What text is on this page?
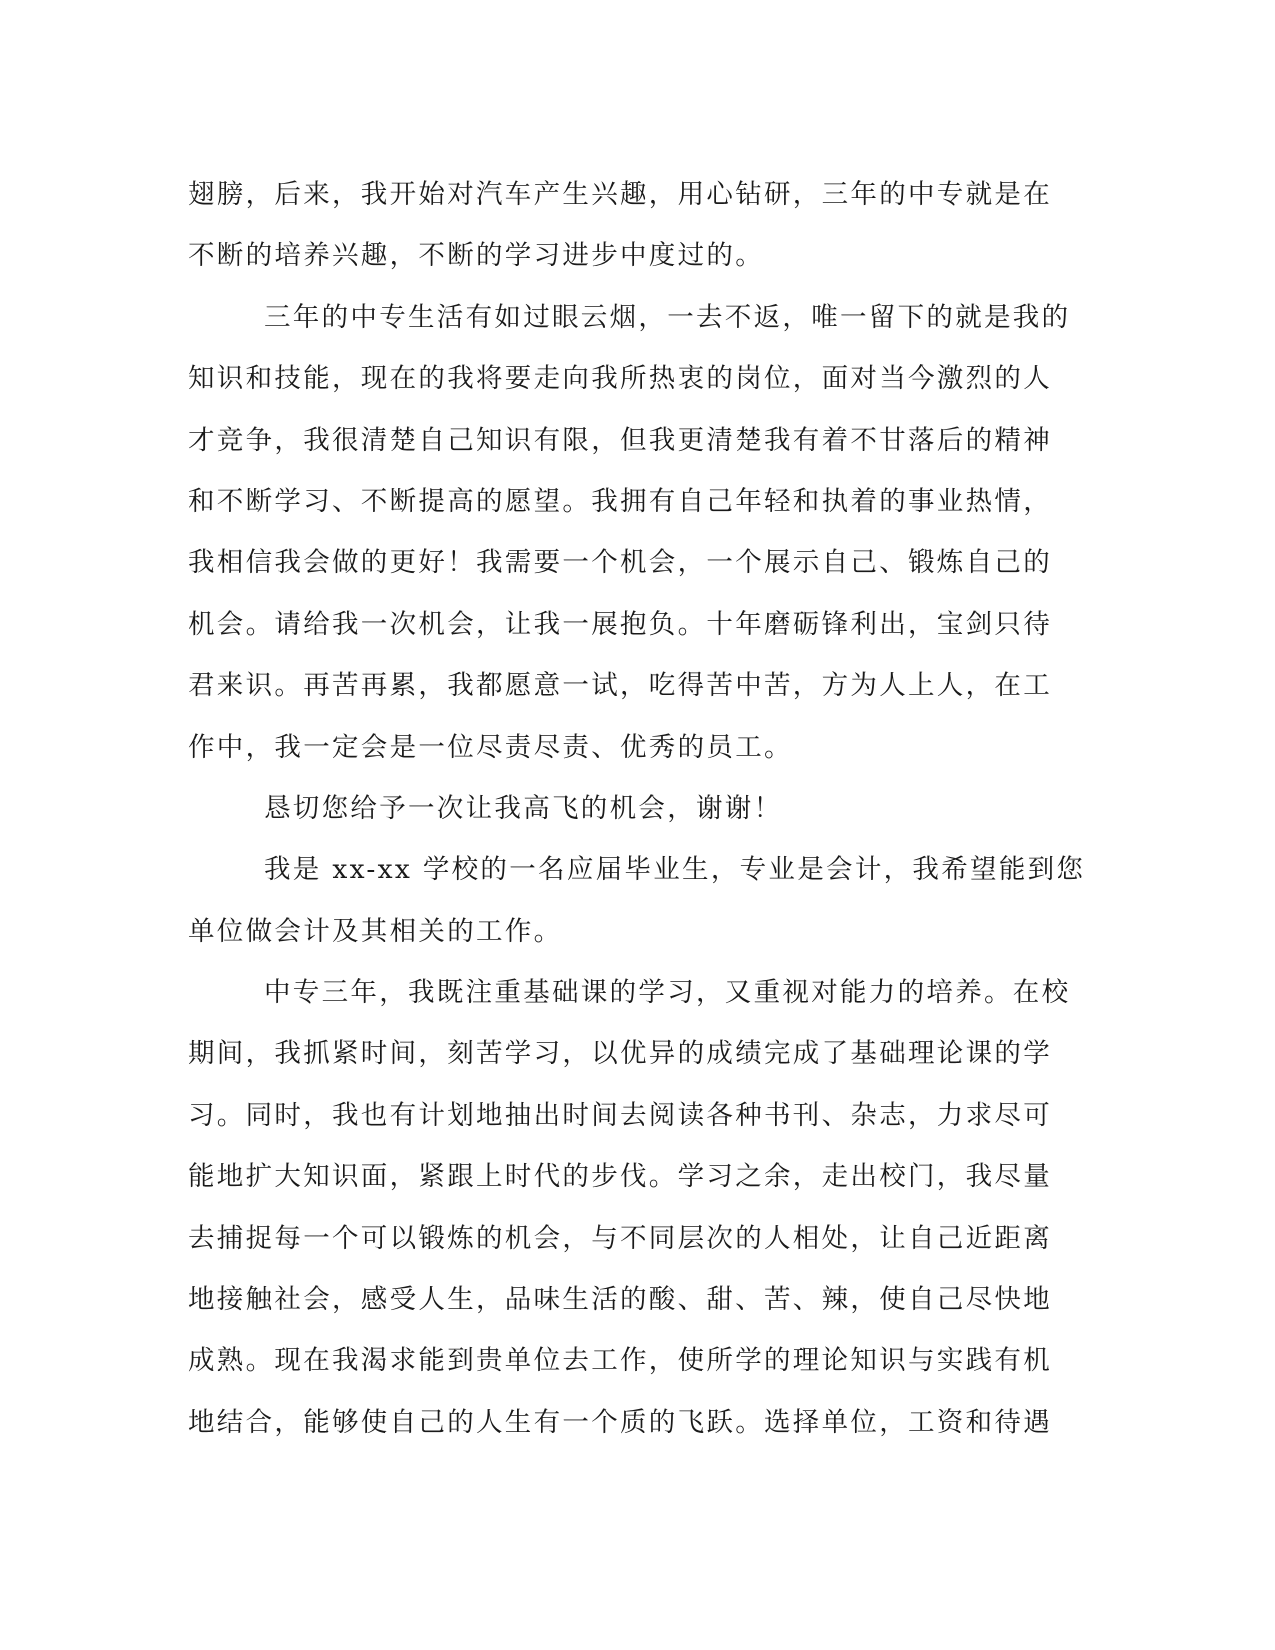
翅膀，后来，我开始对汽车产生兴趣，用心钻研，三年的中专就是在
不断的培养兴趣，不断的学习进步中度过的。
三年的中专生活有如过眼云烟，一去不返，唯一留下的就是我的
知识和技能，现在的我将要走向我所热衷的岗位，面对当今激烈的人
才竞争，我很清楚自己知识有限，但我更清楚我有着不甘落后的精神
和不断学习、不断提高的愿望。我拥有自己年轻和执着的事业热情，
我相信我会做的更好！我需要一个机会，一个展示自己、锻炼自己的
机会。请给我一次机会，让我一展抱负。十年磨砺锋利出，宝剑只待
君来识。再苦再累，我都愿意一试，吃得苦中苦，方为人上人，在工
作中，我一定会是一位尽责尽责、优秀的员工。
恳切您给予一次让我高飞的机会，谢谢！
我是 xx-xx 学校的一名应届毕业生，专业是会计，我希望能到您
单位做会计及其相关的工作。
中专三年，我既注重基础课的学习，又重视对能力的培养。在校
期间，我抓紧时间，刻苦学习，以优异的成绩完成了基础理论课的学
习。同时，我也有计划地抽出时间去阅读各种书刊、杂志，力求尽可
能地扩大知识面，紧跟上时代的步伐。学习之余，走出校门，我尽量
去捕捉每一个可以锻炼的机会，与不同层次的人相处，让自己近距离
地接触社会，感受人生，品味生活的酸、甜、苦、辣，使自己尽快地
成熟。现在我渴求能到贵单位去工作，使所学的理论知识与实践有机
地结合，能够使自己的人生有一个质的飞跃。选择单位，工资和待遇
